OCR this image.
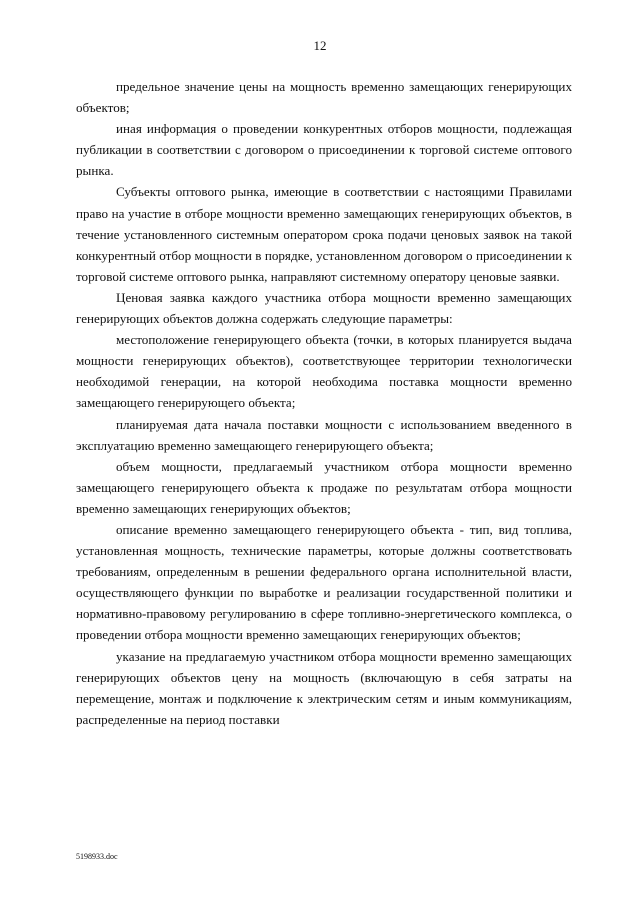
12

предельное значение цены на мощность временно замещающих генерирующих объектов;

иная информация о проведении конкурентных отборов мощности, подлежащая публикации в соответствии с договором о присоединении к торговой системе оптового рынка.

Субъекты оптового рынка, имеющие в соответствии с настоящими Правилами право на участие в отборе мощности временно замещающих генерирующих объектов, в течение установленного системным оператором срока подачи ценовых заявок на такой конкурентный отбор мощности в порядке, установленном договором о присоединении к торговой системе оптового рынка, направляют системному оператору ценовые заявки.

Ценовая заявка каждого участника отбора мощности временно замещающих генерирующих объектов должна содержать следующие параметры:

местоположение генерирующего объекта (точки, в которых планируется выдача мощности генерирующих объектов), соответствующее территории технологически необходимой генерации, на которой необходима поставка мощности временно замещающего генерирующего объекта;

планируемая дата начала поставки мощности с использованием введенного в эксплуатацию временно замещающего генерирующего объекта;

объем мощности, предлагаемый участником отбора мощности временно замещающего генерирующего объекта к продаже по результатам отбора мощности временно замещающих генерирующих объектов;

описание временно замещающего генерирующего объекта - тип, вид топлива, установленная мощность, технические параметры, которые должны соответствовать требованиям, определенным в решении федерального органа исполнительной власти, осуществляющего функции по выработке и реализации государственной политики и нормативно-правовому регулированию в сфере топливно-энергетического комплекса, о проведении отбора мощности временно замещающих генерирующих объектов;

указание на предлагаемую участником отбора мощности временно замещающих генерирующих объектов цену на мощность (включающую в себя затраты на перемещение, монтаж и подключение к электрическим сетям и иным коммуникациям, распределенные на период поставки

5198933.doc
